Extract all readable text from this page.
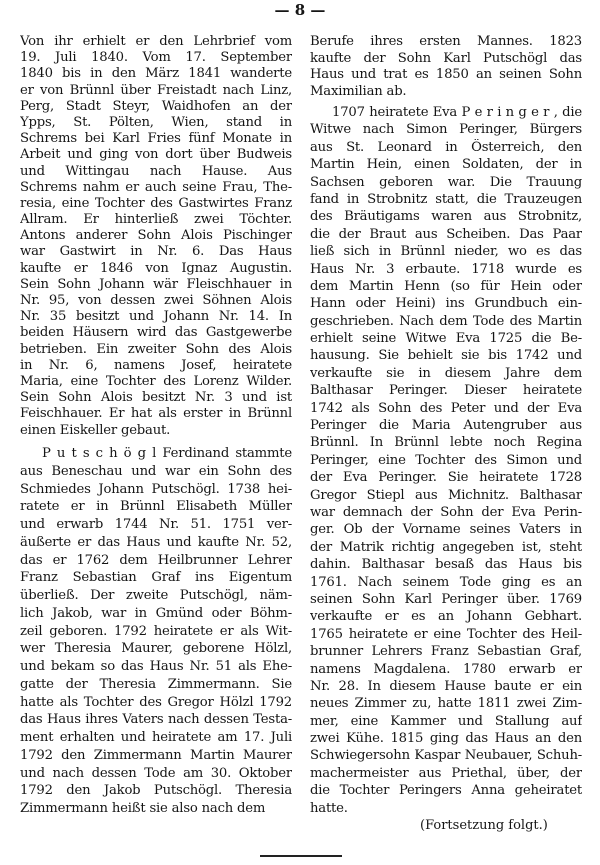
— 8 —
Von ihr erhielt er den Lehrbrief vom
19. Juli 1840. Vom 17. September
1840 bis in den März 1841 wanderte
er von Brünnl über Freistadt nach Linz,
Perg, Stadt Steyr, Waidhofen an der
Ypps, St. Pölten, Wien, stand in
Schrems bei Karl Fries fünf Monate in
Arbeit und ging von dort über Budweis
und Wittingau nach Hause. Aus
Schrems nahm er auch seine Frau, The-
resia, eine Tochter des Gastwirtes Franz
Allram. Er hinterließ zwei Töchter.
Antons anderer Sohn Alois Pischinger
war Gastwirt in Nr. 6. Das Haus
kaufte er 1846 von Ignaz Augustin.
Sein Sohn Johann wär Fleischhauer in
Nr. 95, von dessen zwei Söhnen Alois
Nr. 35 besitzt und Johann Nr. 14. In
beiden Häusern wird das Gastgewerbe
betrieben. Ein zweiter Sohn des Alois
in Nr. 6, namens Josef, heiratete
Maria, eine Tochter des Lorenz Wilder.
Sein Sohn Alois besitzt Nr. 3 und ist
Feischhauer. Er hat als erster in Brünnl
einen Eiskeller gebaut.
P u t s c h ö g l Ferdinand stammte
aus Beneschau und war ein Sohn des
Schmiedes Johann Putschögl. 1738 hei-
ratete er in Brünnl Elisabeth Müller
und erwarb 1744 Nr. 51. 1751 ver-
äußerte er das Haus und kaufte Nr. 52,
das er 1762 dem Heilbrunner Lehrer
Franz Sebastian Graf ins Eigentum
überließ. Der zweite Putschögl, näm-
lich Jakob, war in Gmünd oder Böhm-
zeil geboren. 1792 heiratete er als Wit-
wer Theresia Maurer, geborene Hölzl,
und bekam so das Haus Nr. 51 als Ehe-
gatte der Theresia Zimmermann. Sie
hatte als Tochter des Gregor Hölzl 1792
das Haus ihres Vaters nach dessen Testa-
ment erhalten und heiratete am 17. Juli
1792 den Zimmermann Martin Maurer
und nach dessen Tode am 30. Oktober
1792 den Jakob Putschögl. Theresia
Zimmermann heißt sie also nach dem
Berufe ihres ersten Mannes. 1823
kaufte der Sohn Karl Putschögl das
Haus und trat es 1850 an seinen Sohn
Maximilian ab.
1707 heiratete Eva P e r i n g e r , die
Witwe nach Simon Peringer, Bürgers
aus St. Leonard in Österreich, den
Martin Hein, einen Soldaten, der in
Sachsen geboren war. Die Trauung
fand in Strobnitz statt, die Trauzeugen
des Bräutigams waren aus Strobnitz,
die der Braut aus Scheiben. Das Paar
ließ sich in Brünnl nieder, wo es das
Haus Nr. 3 erbaute. 1718 wurde es
dem Martin Henn (so für Hein oder
Hann oder Heini) ins Grundbuch ein-
geschrieben. Nach dem Tode des Martin
erhielt seine Witwe Eva 1725 die Be-
hausung. Sie behielt sie bis 1742 und
verkaufte sie in diesem Jahre dem
Balthasar Peringer. Dieser heiratete
1742 als Sohn des Peter und der Eva
Peringer die Maria Autengruber aus
Brünnl. In Brünnl lebte noch Regina
Peringer, eine Tochter des Simon und
der Eva Peringer. Sie heiratete 1728
Gregor Stiepl aus Michnitz. Balthasar
war demnach der Sohn der Eva Perin-
ger. Ob der Vorname seines Vaters in
der Matrik richtig angegeben ist, steht
dahin. Balthasar besaß das Haus bis
1761. Nach seinem Tode ging es an
seinen Sohn Karl Peringer über. 1769
verkaufte er es an Johann Gebhart.
1765 heiratete er eine Tochter des Heil-
brunner Lehrers Franz Sebastian Graf,
namens Magdalena. 1780 erwarb er
Nr. 28. In diesem Hause baute er ein
neues Zimmer zu, hatte 1811 zwei Zim-
mer, eine Kammer und Stallung auf
zwei Kühe. 1815 ging das Haus an den
Schwiegersohn Kaspar Neubauer, Schuh-
machermeister aus Priethal, über, der
die Tochter Peringers Anna geheiratet
hatte.
(Fortsetzung folgt.)
